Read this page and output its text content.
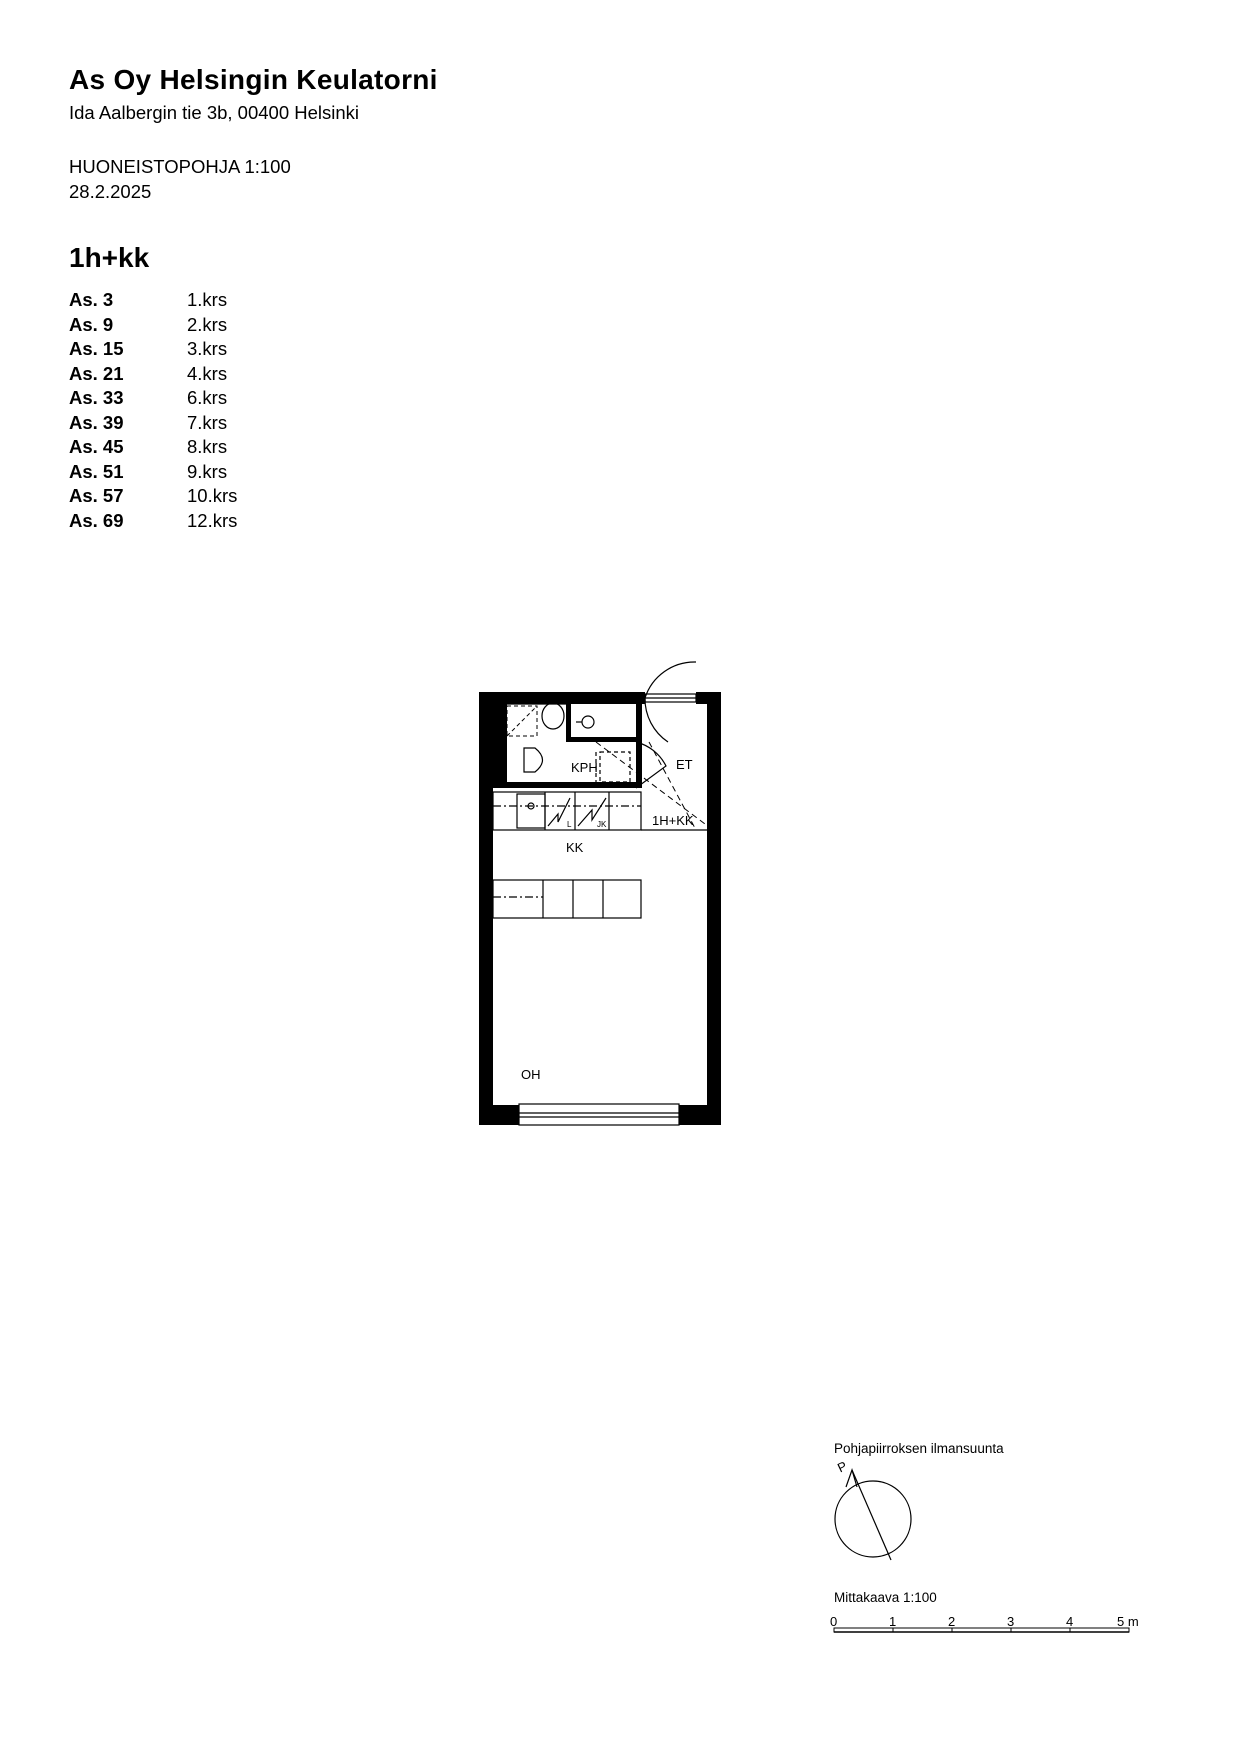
As Oy Helsingin Keulatorni
Ida Aalbergin tie 3b, 00400 Helsinki
HUONEISTOPOHJA 1:100
28.2.2025
1h+kk
As. 3	1.krs
As. 9	2.krs
As. 15	3.krs
As. 21	4.krs
As. 33	6.krs
As. 39	7.krs
As. 45	8.krs
As. 51	9.krs
As. 57	10.krs
As. 69	12.krs
KPH	ET
1H+KK
KK
OH
L	JK
P
0	1	2	3	4	5 m
Pohjapiirroksen ilmansuunta
Mittakaava 1:100
